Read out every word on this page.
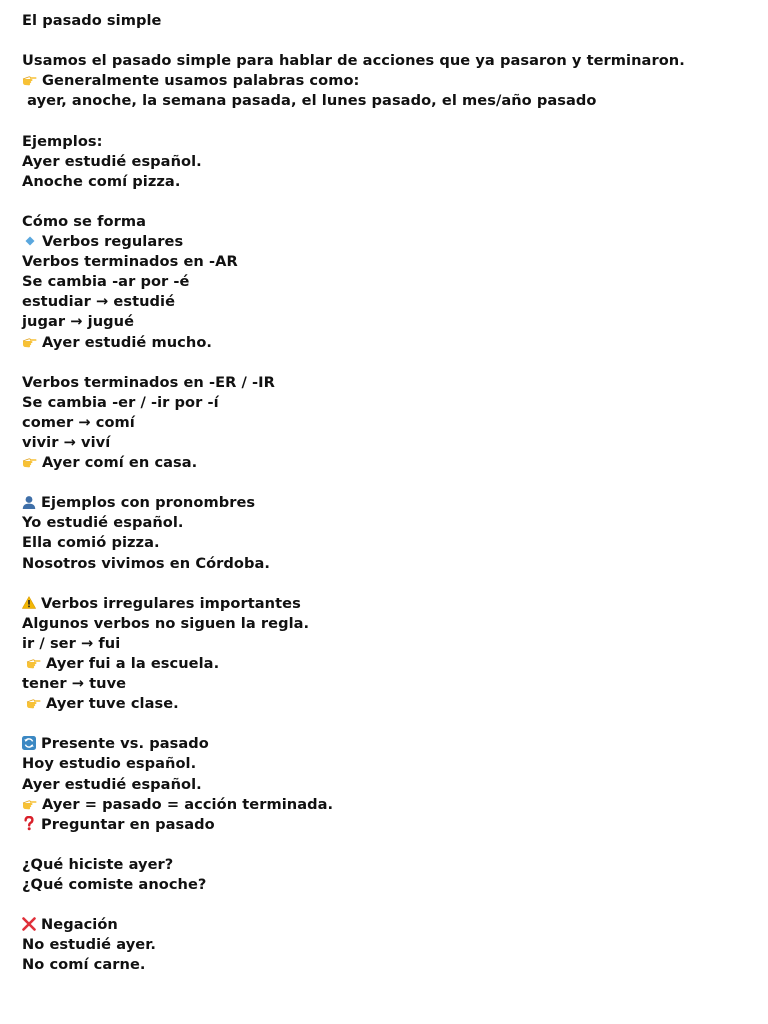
El pasado simple
Usamos el pasado simple para hablar de acciones que ya pasaron y terminaron.
Generalmente usamos palabras como:
ayer, anoche, la semana pasada, el lunes pasado, el mes/año pasado
Ejemplos:
Ayer estudié español.
Anoche comí pizza.
Cómo se forma
Verbos regulares
Verbos terminados en -AR
Se cambia -ar por -é
estudiar → estudié
jugar → jugué
Ayer estudié mucho.
Verbos terminados en -ER / -IR
Se cambia -er / -ir por -í
comer → comí
vivir → viví
Ayer comí en casa.
Ejemplos con pronombres
Yo estudié español.
Ella comió pizza.
Nosotros vivimos en Córdoba.
Verbos irregulares importantes
Algunos verbos no siguen la regla.
ir / ser → fui
Ayer fui a la escuela.
tener → tuve
Ayer tuve clase.
Presente vs. pasado
Hoy estudio español.
Ayer estudié español.
Ayer = pasado = acción terminada.
Preguntar en pasado
¿Qué hiciste ayer?
¿Qué comiste anoche?
Negación
No estudié ayer.
No comí carne.
